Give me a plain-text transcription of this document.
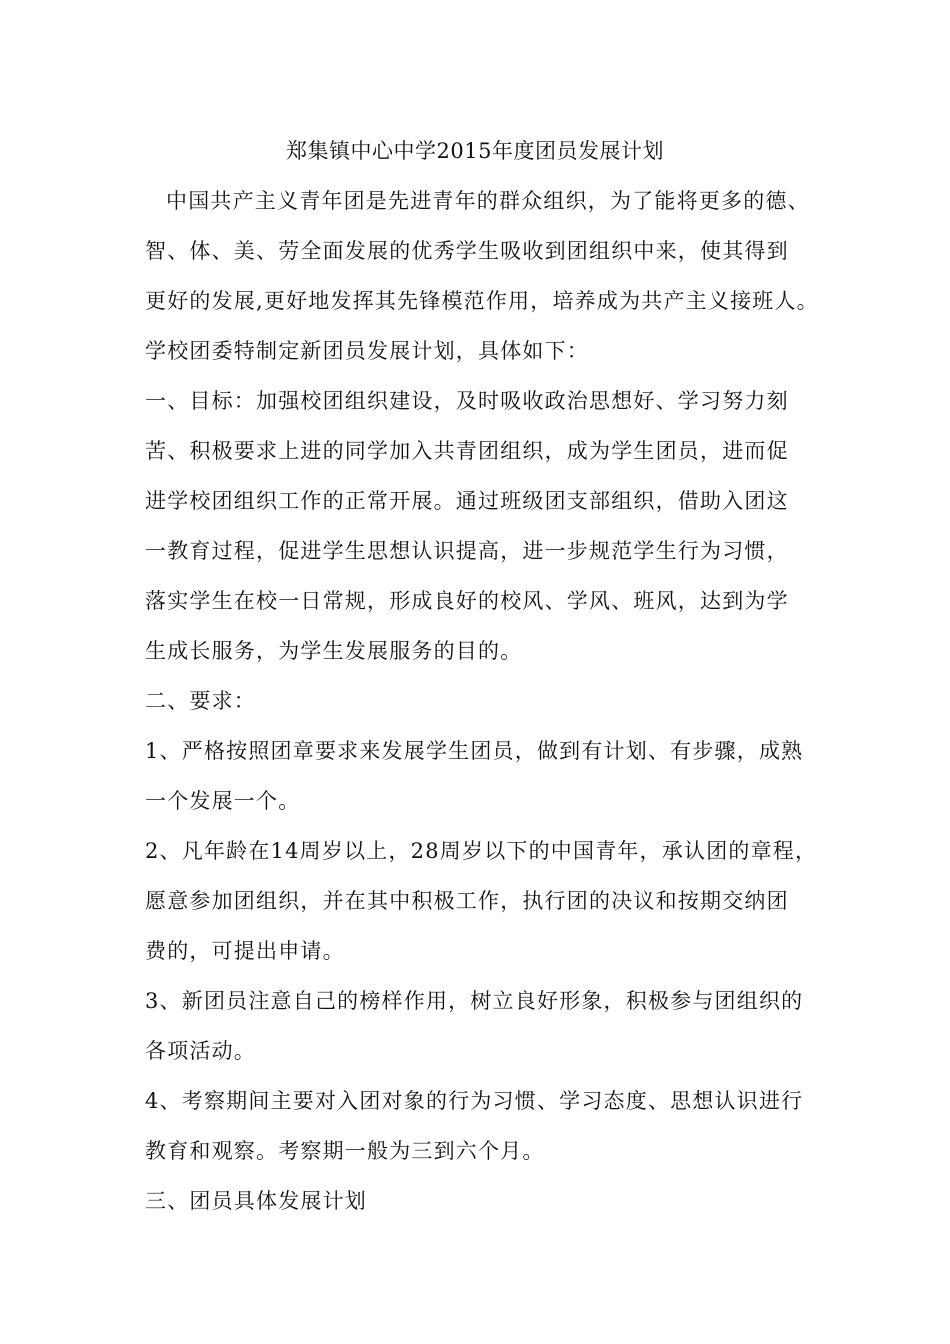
郑集镇中心中学2015年度团员发展计划
中国共产主义青年团是先进青年的群众组织，为了能将更多的德、
智、体、美、劳全面发展的优秀学生吸收到团组织中来，使其得到
更好的发展,更好地发挥其先锋模范作用，培养成为共产主义接班人。
学校团委特制定新团员发展计划，具体如下：
一、目标：加强校团组织建设，及时吸收政治思想好、学习努力刻
苦、积极要求上进的同学加入共青团组织，成为学生团员，进而促
进学校团组织工作的正常开展。通过班级团支部组织，借助入团这
一教育过程，促进学生思想认识提高，进一步规范学生行为习惯，
落实学生在校一日常规，形成良好的校风、学风、班风，达到为学
生成长服务，为学生发展服务的目的。
二、要求：
1、严格按照团章要求来发展学生团员，做到有计划、有步骤，成熟
一个发展一个。
2、凡年龄在14周岁以上，28周岁以下的中国青年，承认团的章程，
愿意参加团组织，并在其中积极工作，执行团的决议和按期交纳团
费的，可提出申请。
3、新团员注意自己的榜样作用，树立良好形象，积极参与团组织的
各项活动。
4、考察期间主要对入团对象的行为习惯、学习态度、思想认识进行
教育和观察。考察期一般为三到六个月。
三、团员具体发展计划
